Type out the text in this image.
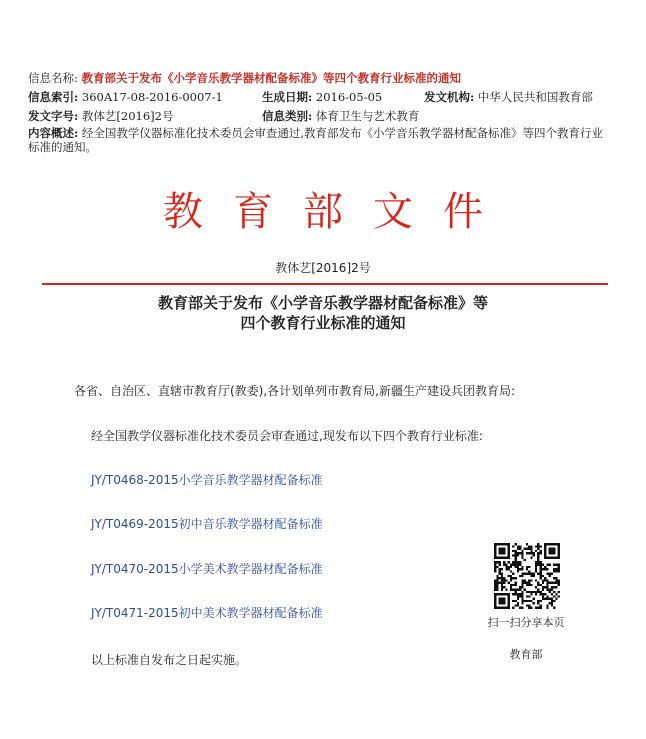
信息名称: 教育部关于发布《小学音乐教学器材配备标准》等四个教育行业标准的通知
信息索引: 360A17-08-2016-0007-1	生成日期: 2016-05-05	发文机构: 中华人民共和国教育部
发文字号: 教体艺[2016]2号	信息类别: 体育卫生与艺术教育
内容概述: 经全国教学仪器标准化技术委员会审查通过,教育部发布《小学音乐教学器材配备标准》等四个教育行业标准的通知。
教育部文件
教体艺[2016]2号
教育部关于发布《小学音乐教学器材配备标准》等
四个教育行业标准的通知
各省、自治区、直辖市教育厅(教委),各计划单列市教育局,新疆生产建设兵团教育局:
经全国教学仪器标准化技术委员会审查通过,现发布以下四个教育行业标准:
JY/T0468-2015小学音乐教学器材配备标准
JY/T0469-2015初中音乐教学器材配备标准
JY/T0470-2015小学美术教学器材配备标准
JY/T0471-2015初中美术教学器材配备标准
以上标准自发布之日起实施。
扫一扫分享本页
教育部
